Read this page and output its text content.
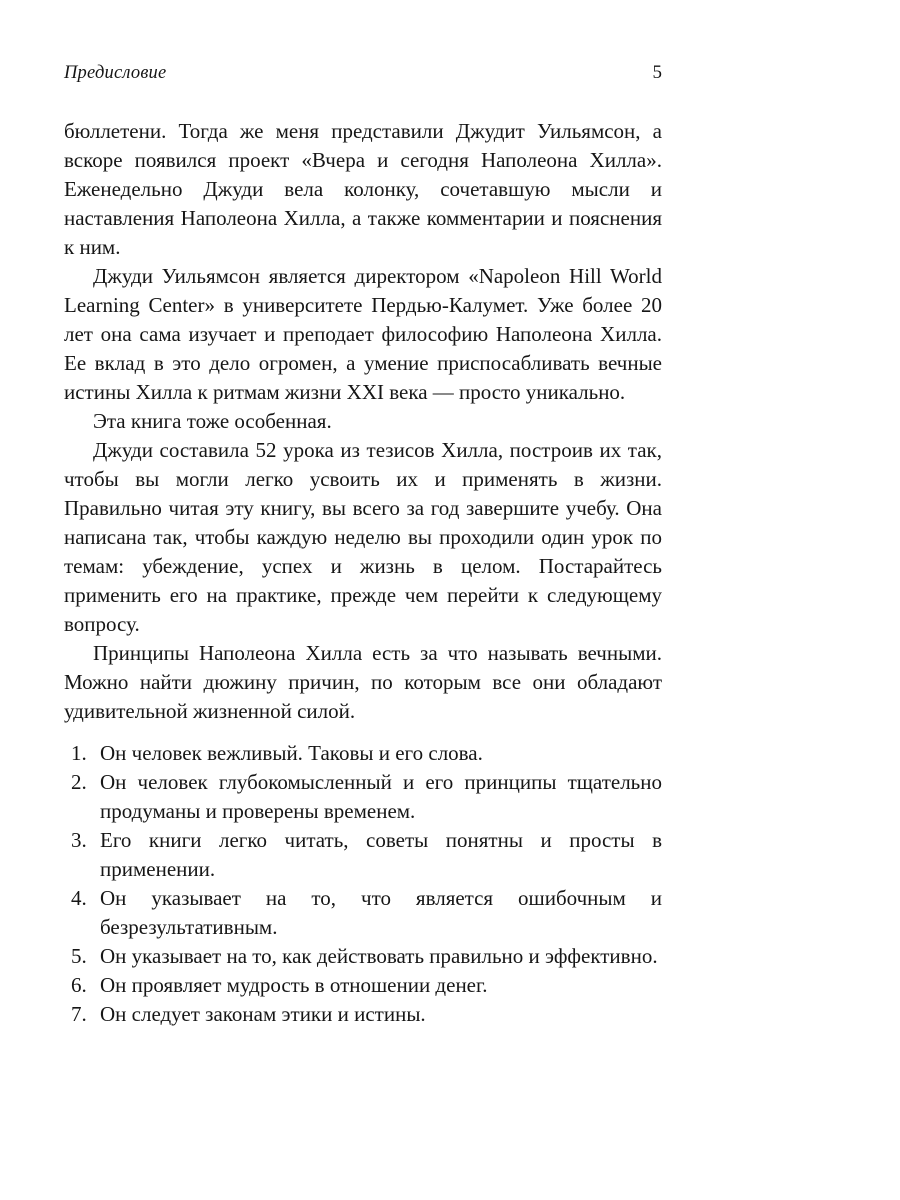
Предисловие	5

бюллетени. Тогда же меня представили Джудит Уильямсон, а вскоре появился проект «Вчера и сегодня Наполеона Хилла». Еженедельно Джуди вела колонку, сочетавшую мысли и наставления Наполеона Хилла, а также комментарии и пояснения к ним.

Джуди Уильямсон является директором «Napoleon Hill World Learning Center» в университете Пердью-Калумет. Уже более 20 лет она сама изучает и преподает философию Наполеона Хилла. Ее вклад в это дело огромен, а умение приспосабливать вечные истины Хилла к ритмам жизни XXI века — просто уникально.

Эта книга тоже особенная.

Джуди составила 52 урока из тезисов Хилла, построив их так, чтобы вы могли легко усвоить их и применять в жизни. Правильно читая эту книгу, вы всего за год завершите учебу. Она написана так, чтобы каждую неделю вы проходили один урок по темам: убеждение, успех и жизнь в целом. Постарайтесь применить его на практике, прежде чем перейти к следующему вопросу.

Принципы Наполеона Хилла есть за что называть вечными. Можно найти дюжину причин, по которым все они обладают удивительной жизненной силой.

1. Он человек вежливый. Таковы и его слова.
2. Он человек глубокомысленный и его принципы тщательно продуманы и проверены временем.
3. Его книги легко читать, советы понятны и просты в применении.
4. Он указывает на то, что является ошибочным и безрезультативным.
5. Он указывает на то, как действовать правильно и эффективно.
6. Он проявляет мудрость в отношении денег.
7. Он следует законам этики и истины.
